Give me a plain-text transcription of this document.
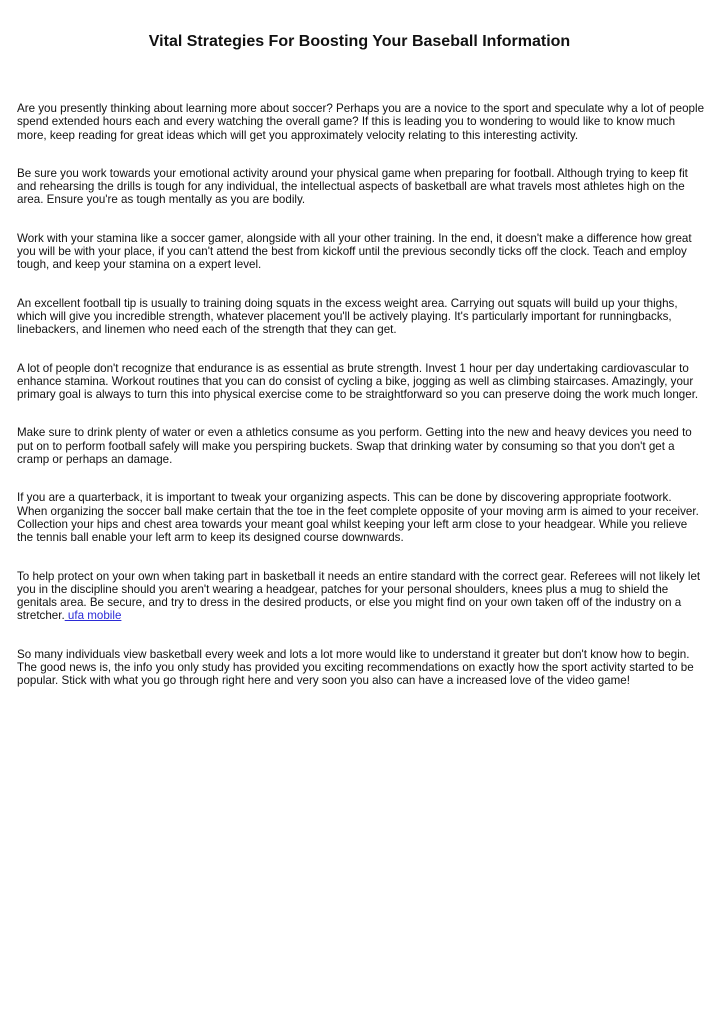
Vital Strategies For Boosting Your Baseball Information

Are you presently thinking about learning more about soccer? Perhaps you are a novice to the sport and speculate why a lot of people spend extended hours each and every watching the overall game? If this is leading you to wondering to would like to know much more, keep reading for great ideas which will get you approximately velocity relating to this interesting activity.

Be sure you work towards your emotional activity around your physical game when preparing for football. Although trying to keep fit and rehearsing the drills is tough for any individual, the intellectual aspects of basketball are what travels most athletes high on the area. Ensure you're as tough mentally as you are bodily.

Work with your stamina like a soccer gamer, alongside with all your other training. In the end, it doesn't make a difference how great you will be with your place, if you can't attend the best from kickoff until the previous secondly ticks off the clock. Teach and employ tough, and keep your stamina on a expert level.

An excellent football tip is usually to training doing squats in the excess weight area. Carrying out squats will build up your thighs, which will give you incredible strength, whatever placement you'll be actively playing. It's particularly important for runningbacks, linebackers, and linemen who need each of the strength that they can get.

A lot of people don't recognize that endurance is as essential as brute strength. Invest 1 hour per day undertaking cardiovascular to enhance stamina. Workout routines that you can do consist of cycling a bike, jogging as well as climbing staircases. Amazingly, your primary goal is always to turn this into physical exercise come to be straightforward so you can preserve doing the work much longer.

Make sure to drink plenty of water or even a athletics consume as you perform. Getting into the new and heavy devices you need to put on to perform football safely will make you perspiring buckets. Swap that drinking water by consuming so that you don't get a cramp or perhaps an damage.

If you are a quarterback, it is important to tweak your organizing aspects. This can be done by discovering appropriate footwork. When organizing the soccer ball make certain that the toe in the feet complete opposite of your moving arm is aimed to your receiver. Collection your hips and chest area towards your meant goal whilst keeping your left arm close to your headgear. While you relieve the tennis ball enable your left arm to keep its designed course downwards.

To help protect on your own when taking part in basketball it needs an entire standard with the correct gear. Referees will not likely let you in the discipline should you aren't wearing a headgear, patches for your personal shoulders, knees plus a mug to shield the genitals area. Be secure, and try to dress in the desired products, or else you might find on your own taken off of the industry on a stretcher. ufa mobile

So many individuals view basketball every week and lots a lot more would like to understand it greater but don't know how to begin. The good news is, the info you only study has provided you exciting recommendations on exactly how the sport activity started to be popular. Stick with what you go through right here and very soon you also can have a increased love of the video game!
